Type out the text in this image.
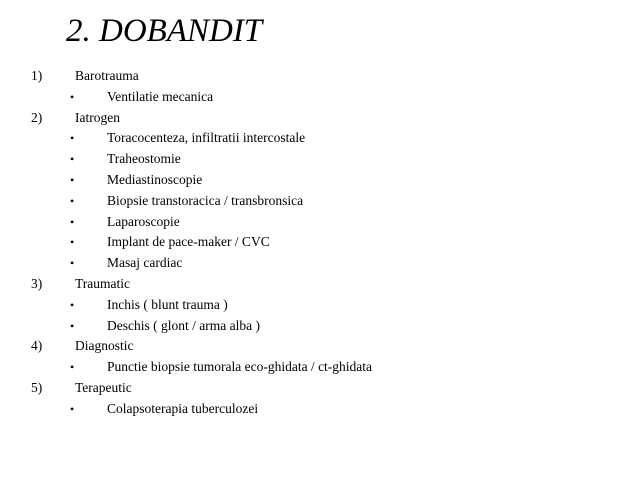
2. DOBANDIT
1) Barotrauma
• Ventilatie mecanica
2) Iatrogen
• Toracocenteza, infiltratii intercostale
• Traheostomie
• Mediastinoscopie
• Biopsie transtoracica / transbronsica
• Laparoscopie
• Implant de pace-maker / CVC
• Masaj cardiac
3) Traumatic
• Inchis ( blunt trauma )
• Deschis ( glont / arma alba )
4) Diagnostic
• Punctie biopsie tumorala eco-ghidata / ct-ghidata
5) Terapeutic
• Colapsoterapia tuberculozei
